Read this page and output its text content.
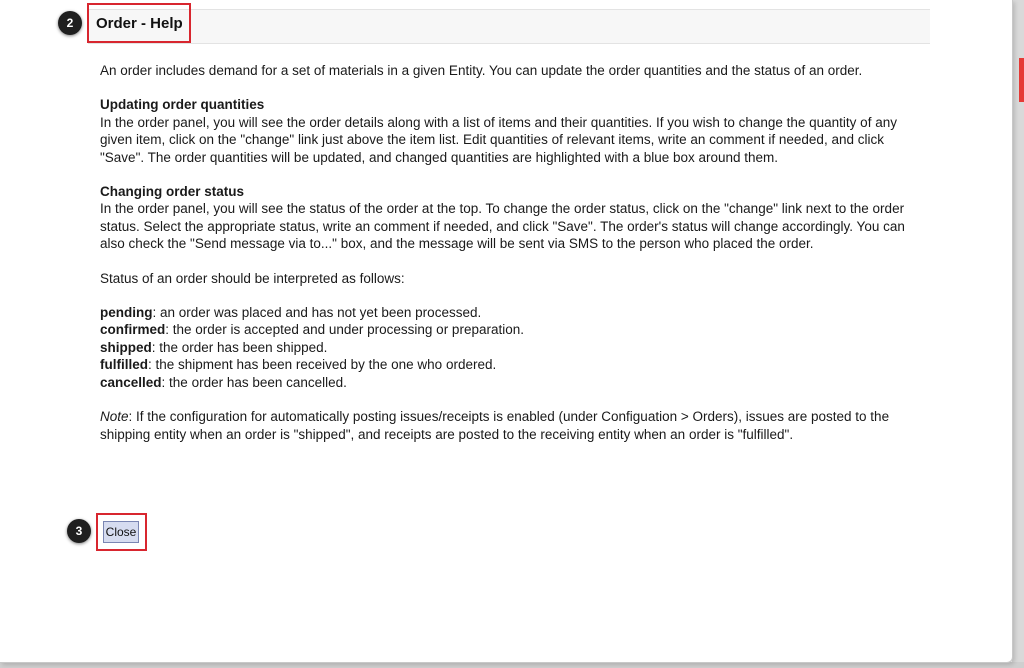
Order - Help
2

An order includes demand for a set of materials in a given Entity. You can update the order quantities and the status of an order.

Updating order quantities

In the order panel, you will see the order details along with a list of items and their quantities. If you wish to change the quantity of any given item, click on the "change" link just above the item list. Edit quantities of relevant items, write an comment if needed, and click "Save". The order quantities will be updated, and changed quantities are highlighted with a blue box around them.

Changing order status

In the order panel, you will see the status of the order at the top. To change the order status, click on the "change" link next to the order status. Select the appropriate status, write an comment if needed, and click "Save". The order's status will change accordingly. You can also check the "Send message via to..." box, and the message will be sent via SMS to the person who placed the order.

Status of an order should be interpreted as follows:

pending: an order was placed and has not yet been processed.

confirmed: the order is accepted and under processing or preparation.

shipped: the order has been shipped.

fulfilled: the shipment has been received by the one who ordered.

cancelled: the order has been cancelled.

Note: If the configuration for automatically posting issues/receipts is enabled (under Configuation > Orders), issues are posted to the shipping entity when an order is "shipped", and receipts are posted to the receiving entity when an order is "fulfilled".

3	Close
